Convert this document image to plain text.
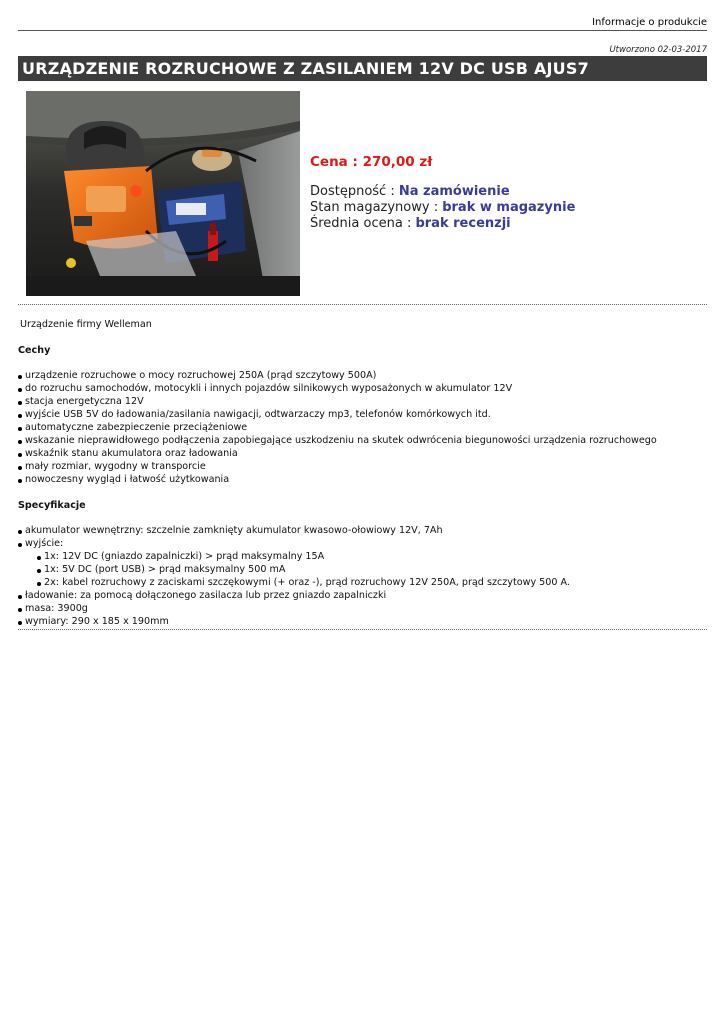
Informacje o produkcie
Utworzono 02-03-2017
URZĄDZENIE ROZRUCHOWE Z ZASILANIEM 12V DC USB AJUS7
Cena : 270,00 zł
Dostępność : Na zamówienie
Stan magazynowy : brak w magazynie
Średnia ocena : brak recenzji

Urządzenie firmy Welleman

Cechy

urządzenie rozruchowe o mocy rozruchowej 250A (prąd szczytowy 500A)
do rozruchu samochodów, motocykli i innych pojazdów silnikowych wyposażonych w akumulator 12V
stacja energetyczna 12V
wyjście USB 5V do ładowania/zasilania nawigacji, odtwarzaczy mp3, telefonów komórkowych itd.
automatyczne zabezpieczenie przeciążeniowe
wskazanie nieprawidłowego podłączenia zapobiegające uszkodzeniu na skutek odwrócenia biegunowości urządzenia rozruchowego
wskaźnik stanu akumulatora oraz ładowania
mały rozmiar, wygodny w transporcie
nowoczesny wygląd i łatwość użytkowania

Specyfikacje

akumulator wewnętrzny: szczelnie zamknięty akumulator kwasowo-ołowiowy 12V, 7Ah
wyjście:
1x: 12V DC (gniazdo zapalniczki) > prąd maksymalny 15A
1x: 5V DC (port USB) > prąd maksymalny 500 mA
2x: kabel rozruchowy z zaciskami szczękowymi (+ oraz -), prąd rozruchowy 12V 250A, prąd szczytowy 500 A.
ładowanie: za pomocą dołączonego zasilacza lub przez gniazdo zapalniczki
masa: 3900g
wymiary: 290 x 185 x 190mm
